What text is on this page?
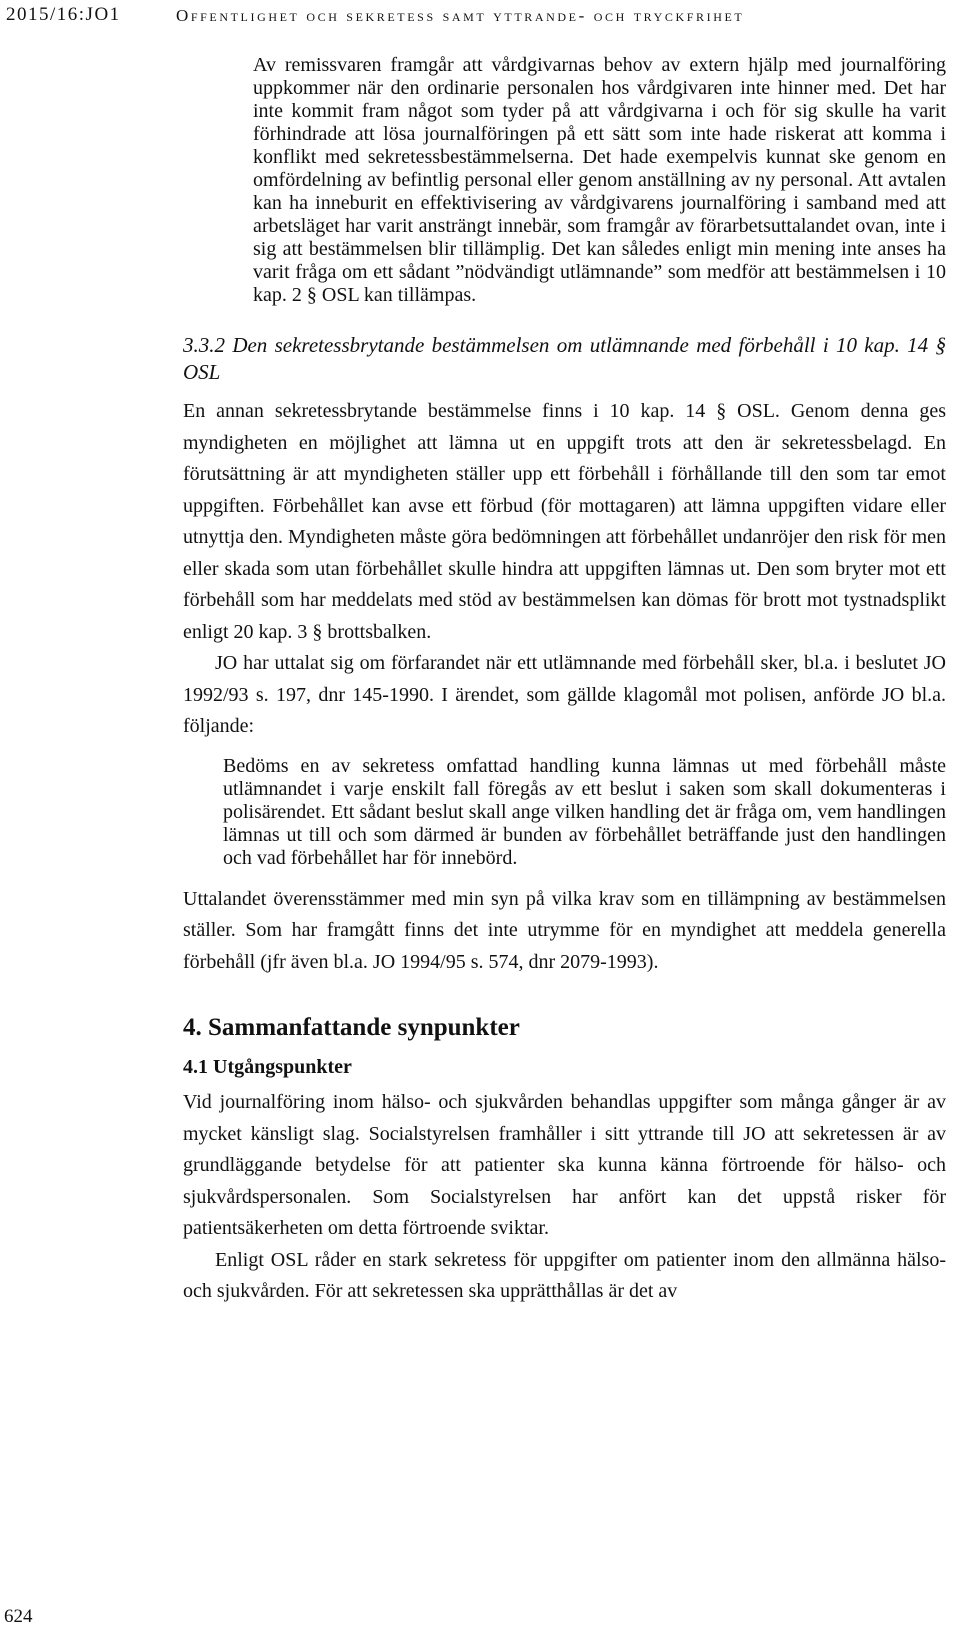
2015/16:JO1	Offentlighet och sekretess samt yttrande- och tryckfrihet

Av remissvaren framgår att vårdgivarnas behov av extern hjälp med journalföring uppkommer när den ordinarie personalen hos vårdgivaren inte hinner med. Det har inte kommit fram något som tyder på att vårdgivarna i och för sig skulle ha varit förhindrade att lösa journalföringen på ett sätt som inte hade riskerat att komma i konflikt med sekretessbestämmelserna. Det hade exempelvis kunnat ske genom en omfördelning av befintlig personal eller genom anställning av ny personal. Att avtalen kan ha inneburit en effektivisering av vårdgivarens journalföring i samband med att arbetsläget har varit ansträngt innebär, som framgår av förarbetsuttalandet ovan, inte i sig att bestämmelsen blir tillämplig. Det kan således enligt min mening inte anses ha varit fråga om ett sådant ”nödvändigt utlämnande” som medför att bestämmelsen i 10 kap. 2 § OSL kan tillämpas.

3.3.2 Den sekretessbrytande bestämmelsen om utlämnande med förbehåll i 10 kap. 14 § OSL

En annan sekretessbrytande bestämmelse finns i 10 kap. 14 § OSL. Genom denna ges myndigheten en möjlighet att lämna ut en uppgift trots att den är sekretessbelagd. En förutsättning är att myndigheten ställer upp ett förbehåll i förhållande till den som tar emot uppgiften. Förbehållet kan avse ett förbud (för mottagaren) att lämna uppgiften vidare eller utnyttja den. Myndigheten måste göra bedömningen att förbehållet undanröjer den risk för men eller skada som utan förbehållet skulle hindra att uppgiften lämnas ut. Den som bryter mot ett förbehåll som har meddelats med stöd av bestämmelsen kan dömas för brott mot tystnadsplikt enligt 20 kap. 3 § brottsbalken.

JO har uttalat sig om förfarandet när ett utlämnande med förbehåll sker, bl.a. i beslutet JO 1992/93 s. 197, dnr 145-1990. I ärendet, som gällde klagomål mot polisen, anförde JO bl.a. följande:

Bedöms en av sekretess omfattad handling kunna lämnas ut med förbehåll måste utlämnandet i varje enskilt fall föregås av ett beslut i saken som skall dokumenteras i polisärendet. Ett sådant beslut skall ange vilken handling det är fråga om, vem handlingen lämnas ut till och som därmed är bunden av förbehållet beträffande just den handlingen och vad förbehållet har för innebörd.

Uttalandet överensstämmer med min syn på vilka krav som en tillämpning av bestämmelsen ställer. Som har framgått finns det inte utrymme för en myndighet att meddela generella förbehåll (jfr även bl.a. JO 1994/95 s. 574, dnr 2079-1993).

4. Sammanfattande synpunkter
4.1 Utgångspunkter

Vid journalföring inom hälso- och sjukvården behandlas uppgifter som många gånger är av mycket känsligt slag. Socialstyrelsen framhåller i sitt yttrande till JO att sekretessen är av grundläggande betydelse för att patienter ska kunna känna förtroende för hälso- och sjukvårdspersonalen. Som Socialstyrelsen har anfört kan det uppstå risker för patientsäkerheten om detta förtroende sviktar.

Enligt OSL råder en stark sekretess för uppgifter om patienter inom den allmänna hälso- och sjukvården. För att sekretessen ska upprätthållas är det av

624
